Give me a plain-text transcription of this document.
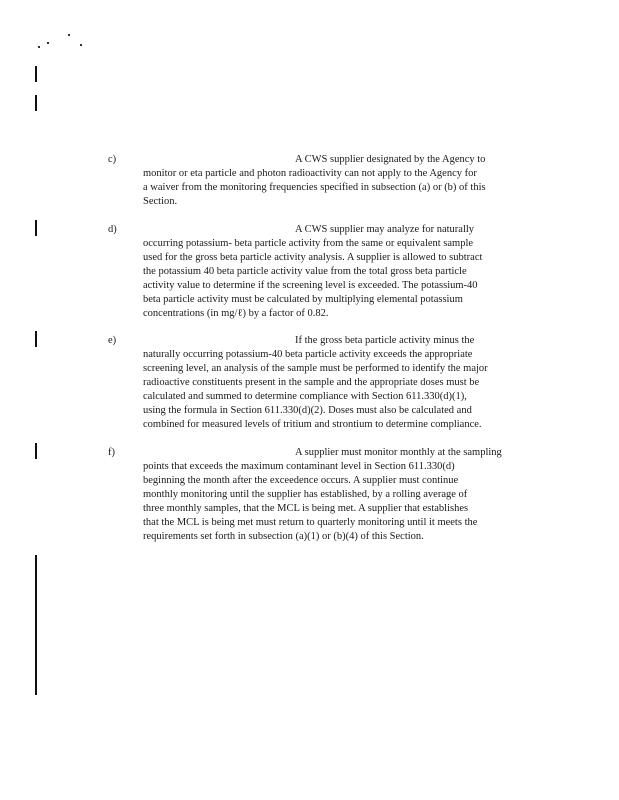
c)	A CWS supplier designated by the Agency to
monitor or eta particle and photon radioactivity can not apply to the Agency for
a waiver from the monitoring frequencies specified in subsection (a) or (b) of this
Section.
d)	A CWS supplier may analyze for naturally
occurring potassium- beta particle activity from the same or equivalent sample
used for the gross beta particle activity analysis. A supplier is allowed to subtract
the potassium 40 beta particle activity value from the total gross beta particle
activity value to determine if the screening level is exceeded. The potassium-40
beta particle activity must be calculated by multiplying elemental potassium
concentrations (in mg/ℓ) by a factor of 0.82.
e)	If the gross beta particle activity minus the
naturally occurring potassium-40 beta particle activity exceeds the appropriate
screening level, an analysis of the sample must be performed to identify the major
radioactive constituents present in the sample and the appropriate doses must be
calculated and summed to determine compliance with Section 611.330(d)(1),
using the formula in Section 611.330(d)(2). Doses must also be calculated and
combined for measured levels of tritium and strontium to determine compliance.
f)	A supplier must monitor monthly at the sampling
points that exceeds the maximum contaminant level in Section 611.330(d)
beginning the month after the exceedence occurs. A supplier must continue
monthly monitoring until the supplier has established, by a rolling average of
three monthly samples, that the MCL is being met. A supplier that establishes
that the MCL is being met must return to quarterly monitoring until it meets the
requirements set forth in subsection (a)(1) or (b)(4) of this Section.
